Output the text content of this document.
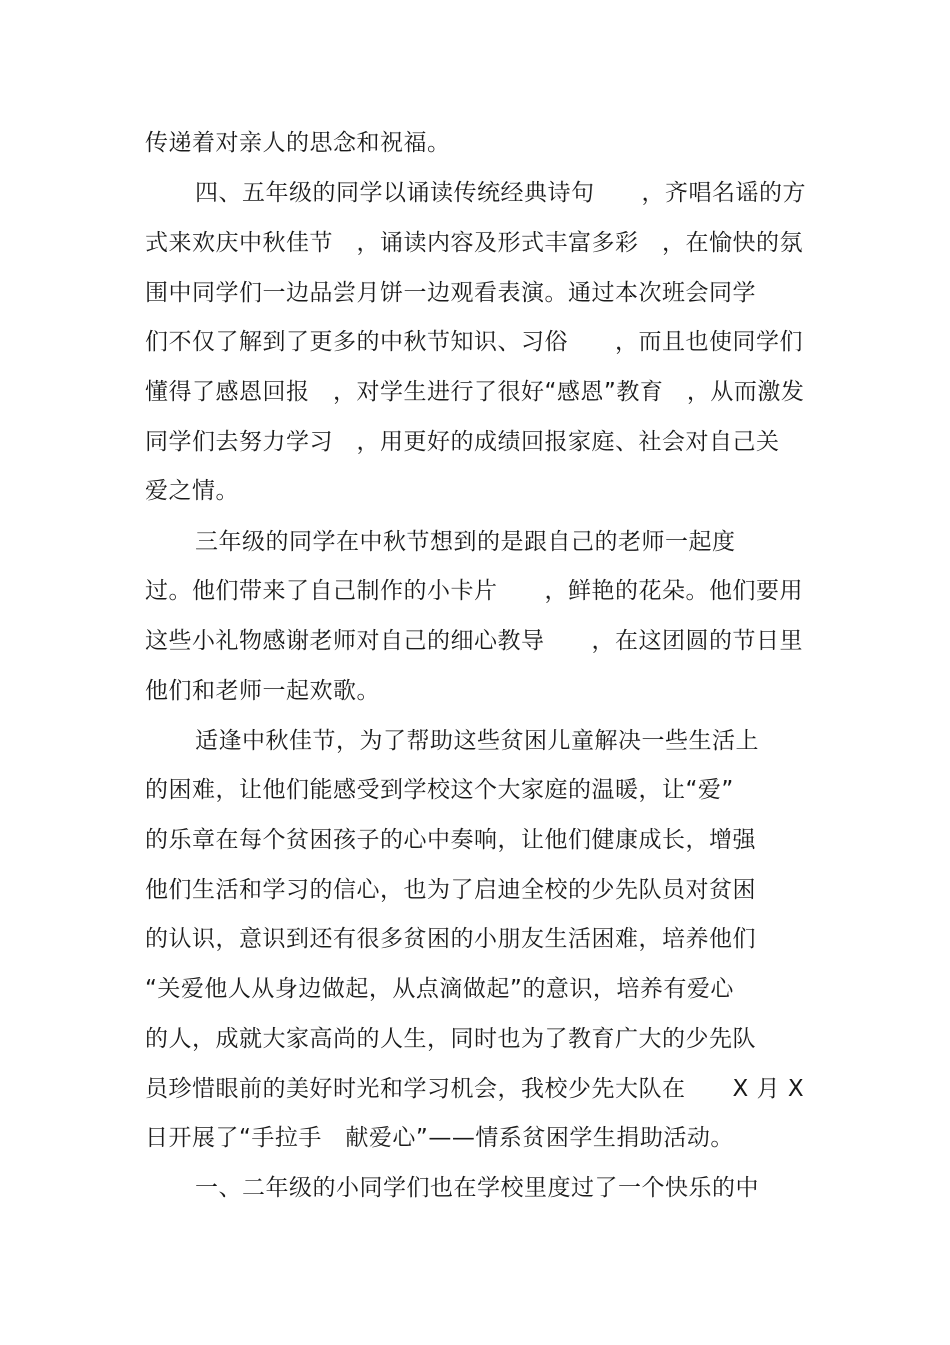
传递着对亲人的思念和祝福。
四、五年级的同学以诵读传统经典诗句　　，齐唱名谣的方
式来欢庆中秋佳节　，诵读内容及形式丰富多彩　，在愉快的氛
围中同学们一边品尝月饼一边观看表演。通过本次班会同学
们不仅了解到了更多的中秋节知识、习俗　　，而且也使同学们
懂得了感恩回报　，对学生进行了很好“感恩”教育　，从而激发
同学们去努力学习　，用更好的成绩回报家庭、社会对自己关
爱之情。
三年级的同学在中秋节想到的是跟自己的老师一起度
过。他们带来了自己制作的小卡片　　，鲜艳的花朵。他们要用
这些小礼物感谢老师对自己的细心教导　　，在这团圆的节日里
他们和老师一起欢歌。
适逢中秋佳节，为了帮助这些贫困儿童解决一些生活上
的困难，让他们能感受到学校这个大家庭的温暖，让“爱”
的乐章在每个贫困孩子的心中奏响，让他们健康成长，增强
他们生活和学习的信心，也为了启迪全校的少先队员对贫困
的认识，意识到还有很多贫困的小朋友生活困难，培养他们
“关爱他人从身边做起，从点滴做起”的意识，培养有爱心
的人，成就大家高尚的人生，同时也为了教育广大的少先队
员珍惜眼前的美好时光和学习机会，我校少先大队在　　X 月 X
日开展了“手拉手　献爱心”——情系贫困学生捐助活动。
一、二年级的小同学们也在学校里度过了一个快乐的中
